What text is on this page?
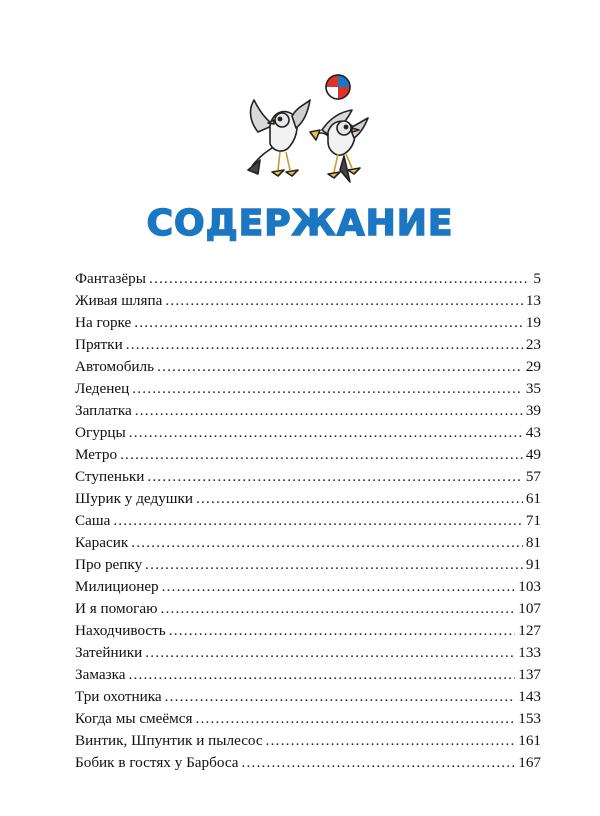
СОДЕРЖАНИЕ
Фантазёры .....	5
Живая шляпа .....	13
На горке .....	19
Прятки .....	23
Автомобиль .....	29
Леденец .....	35
Заплатка .....	39
Огурцы .....	43
Метро .....	49
Ступеньки .....	57
Шурик у дедушки .....	61
Саша .....	71
Карасик .....	81
Про репку .....	91
Милиционер .....	103
И я помогаю .....	107
Находчивость .....	127
Затейники .....	133
Замазка .....	137
Три охотника .....	143
Когда мы смеёмся .....	153
Винтик, Шпунтик и пылесос .....	161
Бобик в гостях у Барбоса .....	167
